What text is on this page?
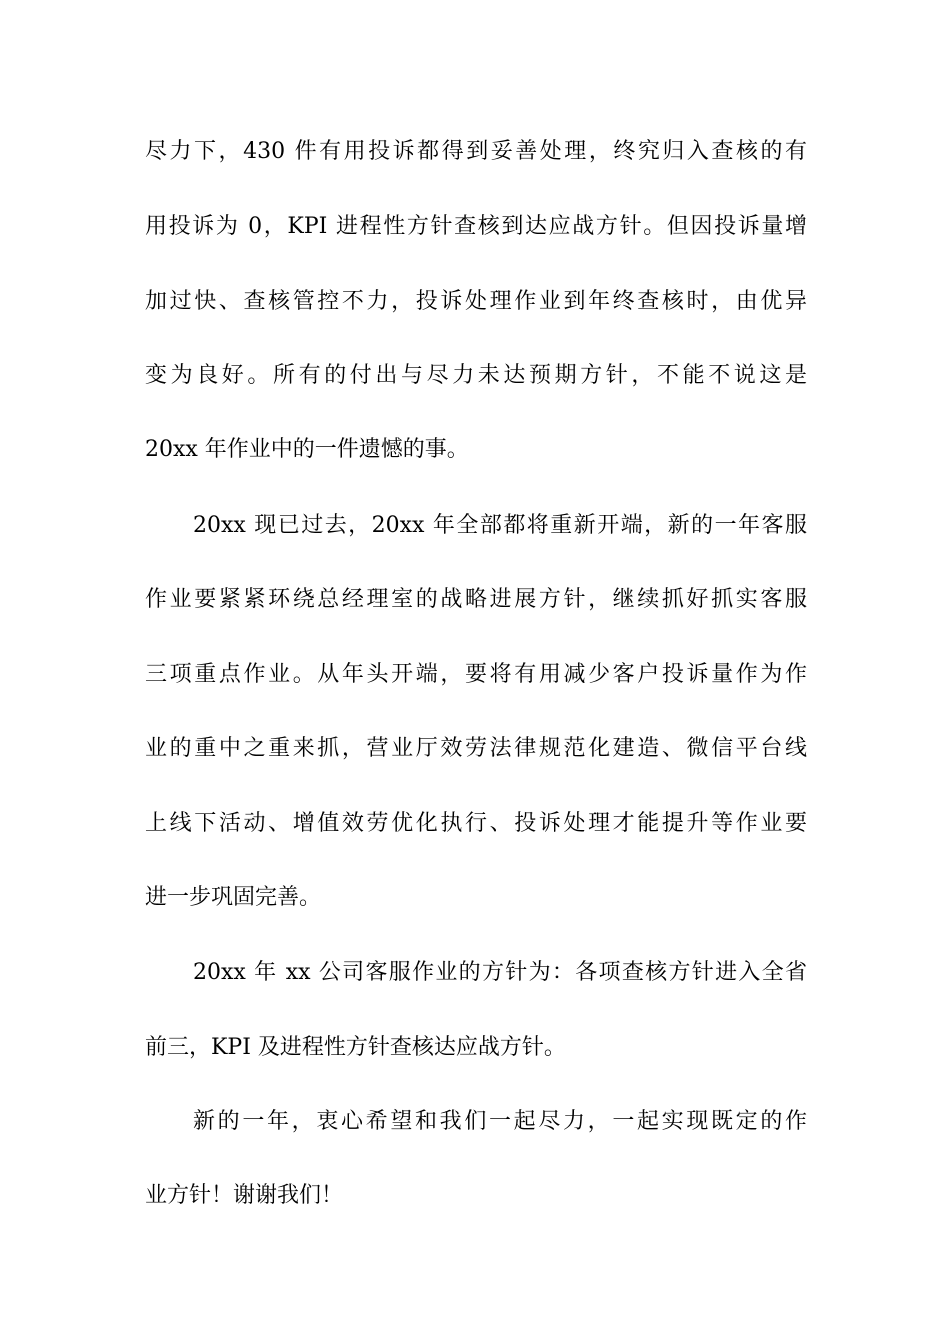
尽力下，430 件有用投诉都得到妥善处理，终究归入查核的有
用投诉为 0，KPI 进程性方针查核到达应战方针。但因投诉量增
加过快、查核管控不力，投诉处理作业到年终查核时，由优异
变为良好。所有的付出与尽力未达预期方针，不能不说这是
20xx 年作业中的一件遗憾的事。
20xx 现已过去，20xx 年全部都将重新开端，新的一年客服
作业要紧紧环绕总经理室的战略进展方针，继续抓好抓实客服
三项重点作业。从年头开端，要将有用减少客户投诉量作为作
业的重中之重来抓，营业厅效劳法律规范化建造、微信平台线
上线下活动、增值效劳优化执行、投诉处理才能提升等作业要
进一步巩固完善。
20xx 年 xx 公司客服作业的方针为：各项查核方针进入全省
前三，KPI 及进程性方针查核达应战方针。
新的一年，衷心希望和我们一起尽力，一起实现既定的作
业方针！谢谢我们！
